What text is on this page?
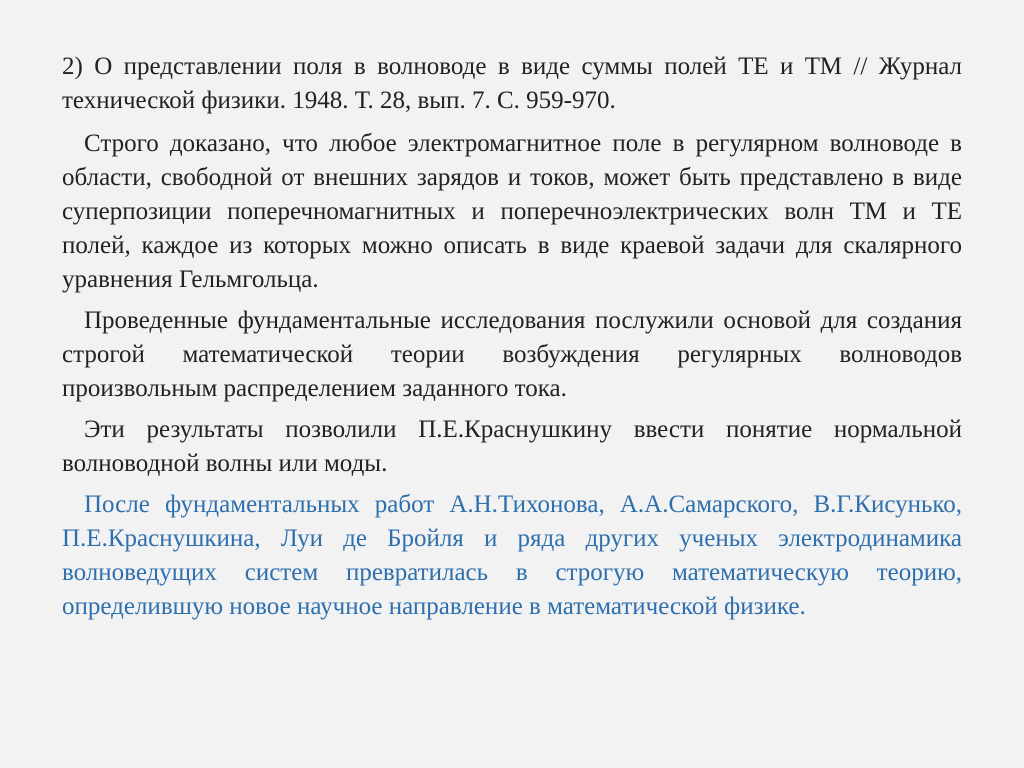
2) О представлении поля в волноводе в виде суммы полей ТЕ и ТМ // Журнал технической физики. 1948. Т. 28, вып. 7. С. 959-970.
Строго доказано, что любое электромагнитное поле в регулярном волноводе в области, свободной от внешних зарядов и токов, может быть представлено в виде суперпозиции поперечномагнитных и поперечноэлектрических волн ТМ и ТЕ полей, каждое из которых можно описать в виде краевой задачи для скалярного уравнения Гельмгольца.
Проведенные фундаментальные исследования послужили основой для создания строгой математической теории возбуждения регулярных волноводов произвольным распределением заданного тока.
Эти результаты позволили П.Е.Краснушкину ввести понятие нормальной волноводной волны или моды.
После фундаментальных работ А.Н.Тихонова, А.А.Самарского, В.Г.Кисунько, П.Е.Краснушкина, Луи де Бройля и ряда других ученых электродинамика волноведущих систем превратилась в строгую математическую теорию, определившую новое научное направление в математической физике.
